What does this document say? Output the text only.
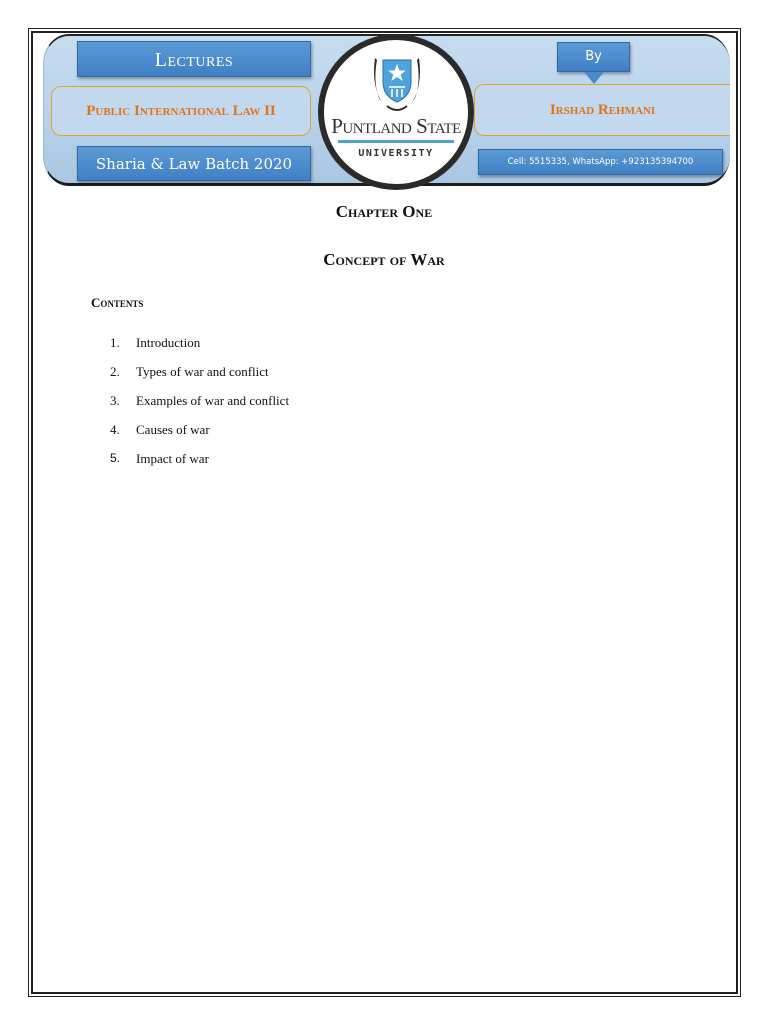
Lectures
Public International Law II
Sharia & Law Batch 2020
By
Irshad Rehmani
Cell: 5515335, WhatsApp: +923135394700
Puntland State
UNIVERSITY
Chapter One
Concept of War
Contents
1.	Introduction
2.	Types of war and conflict
3.	Examples of war and conflict
4.	Causes of war
5.	Impact of war
